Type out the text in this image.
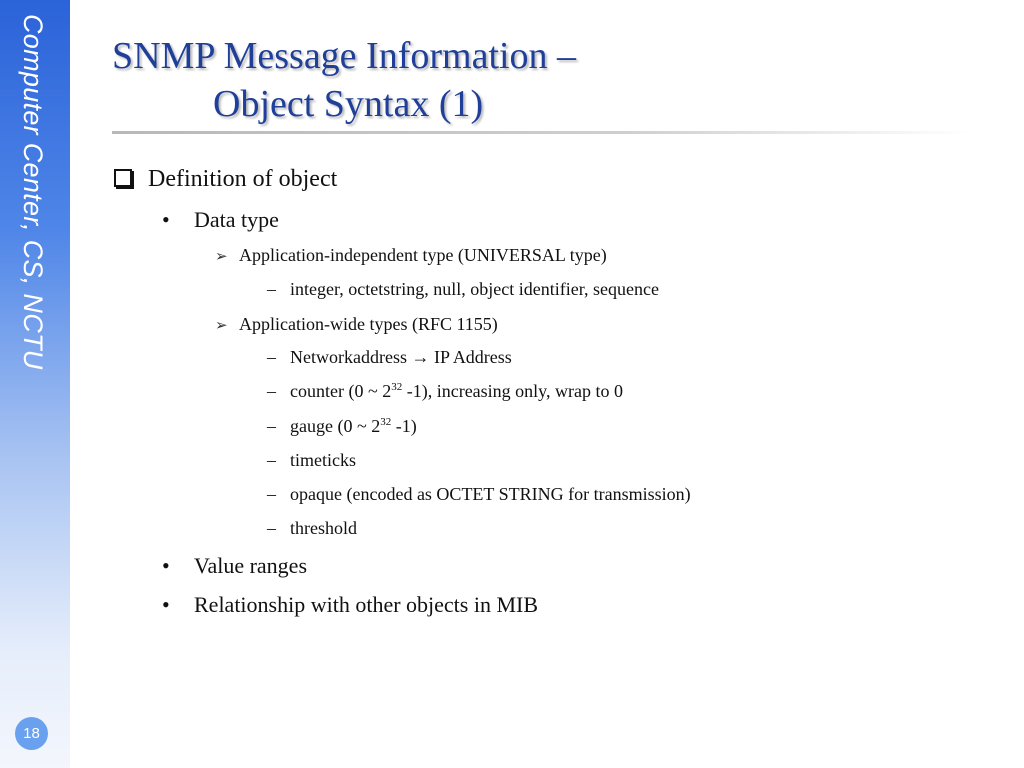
Computer Center, CS, NCTU
18
SNMP Message Information –
Object Syntax (1)
Definition of object
• Data type
➢ Application-independent type (UNIVERSAL type)
– integer, octetstring, null, object identifier, sequence
➢ Application-wide types (RFC 1155)
– Networkaddress → IP Address
– counter (0 ~ $2^{32}$ -1), increasing only, wrap to 0
– gauge (0 ~ $2^{32}$ -1)
– timeticks
– opaque (encoded as OCTET STRING for transmission)
– threshold
• Value ranges
• Relationship with other objects in MIB
